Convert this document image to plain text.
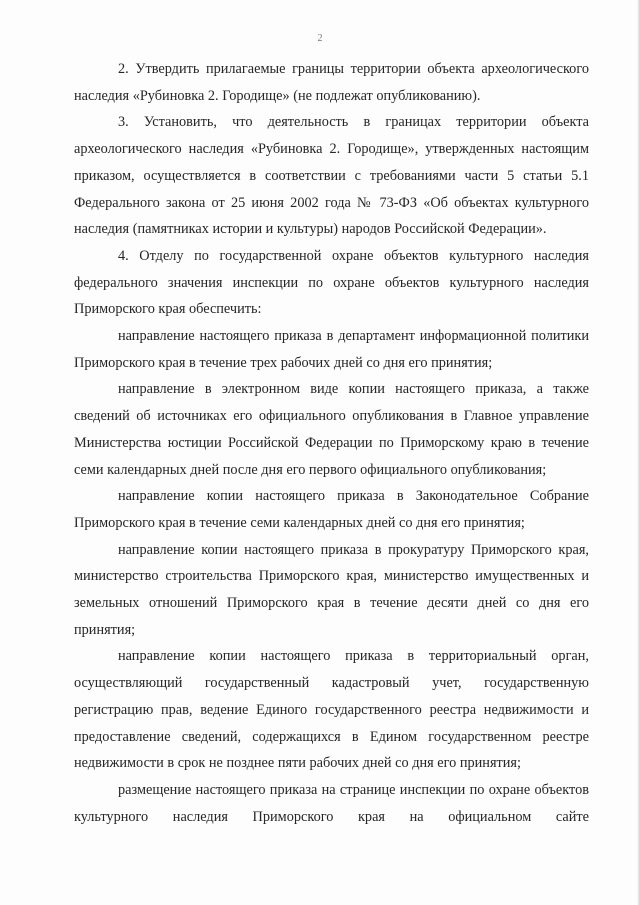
2

2. Утвердить прилагаемые границы территории объекта археологического наследия «Рубиновка 2. Городище» (не подлежат опубликованию).

3. Установить, что деятельность в границах территории объекта археологического наследия «Рубиновка 2. Городище», утвержденных настоящим приказом, осуществляется в соответствии с требованиями части 5 статьи 5.1 Федерального закона от 25 июня 2002 года № 73-ФЗ «Об объектах культурного наследия (памятниках истории и культуры) народов Российской Федерации».

4. Отделу по государственной охране объектов культурного наследия федерального значения инспекции по охране объектов культурного наследия Приморского края обеспечить:

направление настоящего приказа в департамент информационной политики Приморского края в течение трех рабочих дней со дня его принятия;

направление в электронном виде копии настоящего приказа, а также сведений об источниках его официального опубликования в Главное управление Министерства юстиции Российской Федерации по Приморскому краю в течение семи календарных дней после дня его первого официального опубликования;

направление копии настоящего приказа в Законодательное Собрание Приморского края в течение семи календарных дней со дня его принятия;

направление копии настоящего приказа в прокуратуру Приморского края, министерство строительства Приморского края, министерство имущественных и земельных отношений Приморского края в течение десяти дней со дня его принятия;

направление копии настоящего приказа в территориальный орган, осуществляющий государственный кадастровый учет, государственную регистрацию прав, ведение Единого государственного реестра недвижимости и предоставление сведений, содержащихся в Едином государственном реестре недвижимости в срок не позднее пяти рабочих дней со дня его принятия;

размещение настоящего приказа на странице инспекции по охране объектов культурного наследия Приморского края на официальном сайте
